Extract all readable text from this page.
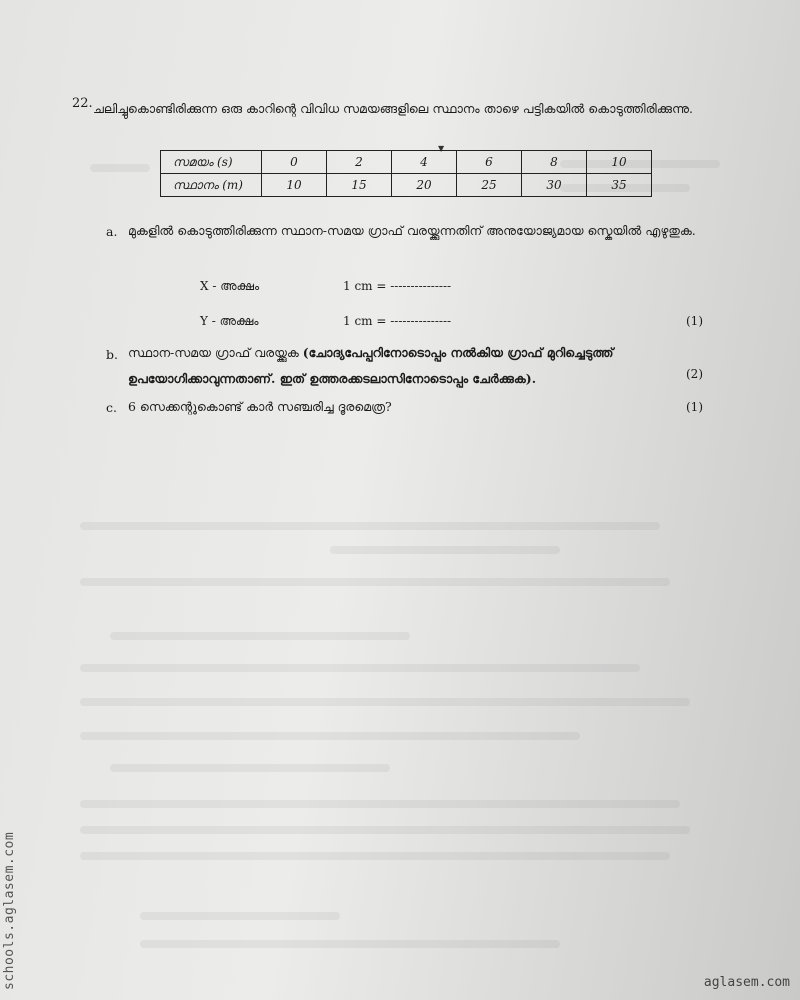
22. ചലിച്ചുകൊണ്ടിരിക്കുന്ന ഒരു കാറിന്റെ വിവിധ സമയങ്ങളിലെ സ്ഥാനം താഴെ പട്ടികയിൽ കൊടുത്തിരിക്കുന്നു.
▼
സമയം (s)	0	2	4	6	8	10
സ്ഥാനം (m)	10	15	20	25	30	35
a. മുകളിൽ കൊടുത്തിരിക്കുന്ന സ്ഥാന-സമയ ഗ്രാഫ് വരയ്ക്കുന്നതിന് അനുയോജ്യമായ സ്കെയിൽ എഴുതുക.
X - അക്ഷം	1 cm = ---------------
Y - അക്ഷം	1 cm = ---------------	(1)
b. സ്ഥാന-സമയ ഗ്രാഫ് വരയ്ക്കുക (ചോദ്യപേപ്പറിനോടൊപ്പം നൽകിയ ഗ്രാഫ് മുറിച്ചെടുത്ത് ഉപയോഗിക്കാവുന്നതാണ്. ഇത് ഉത്തരക്കടലാസിനോടൊപ്പം ചേർക്കുക).	(2)
c. 6 സെക്കന്റുകൊണ്ട് കാർ സഞ്ചരിച്ച ദൂരമെത്ര?	(1)
schools.aglasem.com	aglasem.com
